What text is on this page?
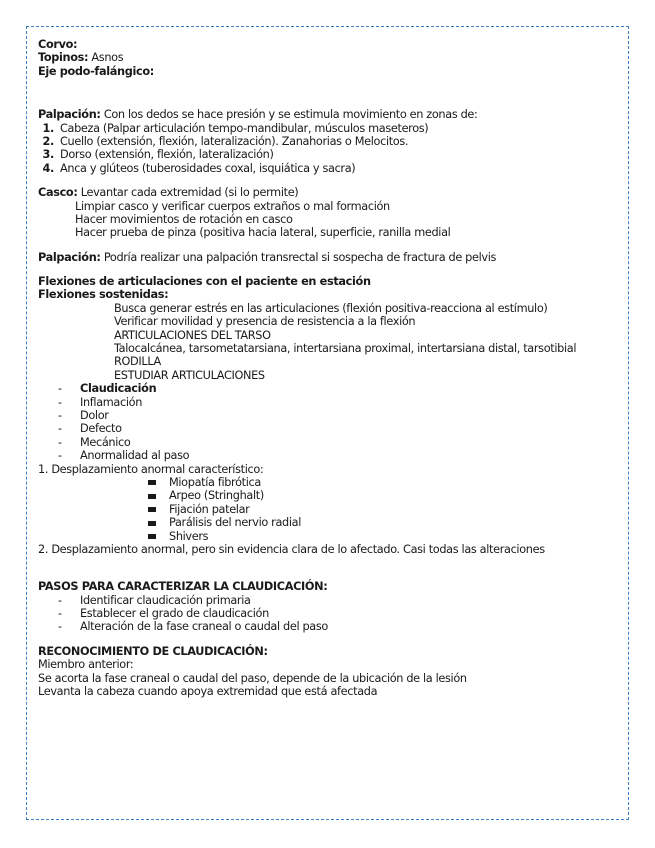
Corvo:
Topinos: Asnos
Eje podo-falángico:
Palpación: Con los dedos se hace presión y se estimula movimiento en zonas de:
1. Cabeza (Palpar articulación tempo-mandibular, músculos maseteros)
2. Cuello (extensión, flexión, lateralización). Zanahorias o Melocitos.
3. Dorso (extensión, flexión, lateralización)
4. Anca y glúteos (tuberosidades coxal, isquiática y sacra)
Casco: Levantar cada extremidad (si lo permite)
Limpiar casco y verificar cuerpos extraños o mal formación
Hacer movimientos de rotación en casco
Hacer prueba de pinza (positiva hacia lateral, superficie, ranilla medial
Palpación: Podría realizar una palpación transrectal si sospecha de fractura de pelvis
Flexiones de articulaciones con el paciente en estación
Flexiones sostenidas:
Busca generar estrés en las articulaciones (flexión positiva-reacciona al estímulo)
Verificar movilidad y presencia de resistencia a la flexión
ARTICULACIONES DEL TARSO
Talocalcánea, tarsometatarsiana, intertarsiana proximal, intertarsiana distal, tarsotibial
RODILLA
ESTUDIAR ARTICULACIONES
- Claudicación
- Inflamación
- Dolor
- Defecto
- Mecánico
- Anormalidad al paso
1. Desplazamiento anormal característico:
Miopatía fibrótica
Arpeo (Stringhalt)
Fijación patelar
Parálisis del nervio radial
Shivers
2. Desplazamiento anormal, pero sin evidencia clara de lo afectado. Casi todas las alteraciones
PASOS PARA CARACTERIZAR LA CLAUDICACIÓN:
- Identificar claudicación primaria
- Establecer el grado de claudicación
- Alteración de la fase craneal o caudal del paso
RECONOCIMIENTO DE CLAUDICACIÓN:
Miembro anterior:
Se acorta la fase craneal o caudal del paso, depende de la ubicación de la lesión
Levanta la cabeza cuando apoya extremidad que está afectada
